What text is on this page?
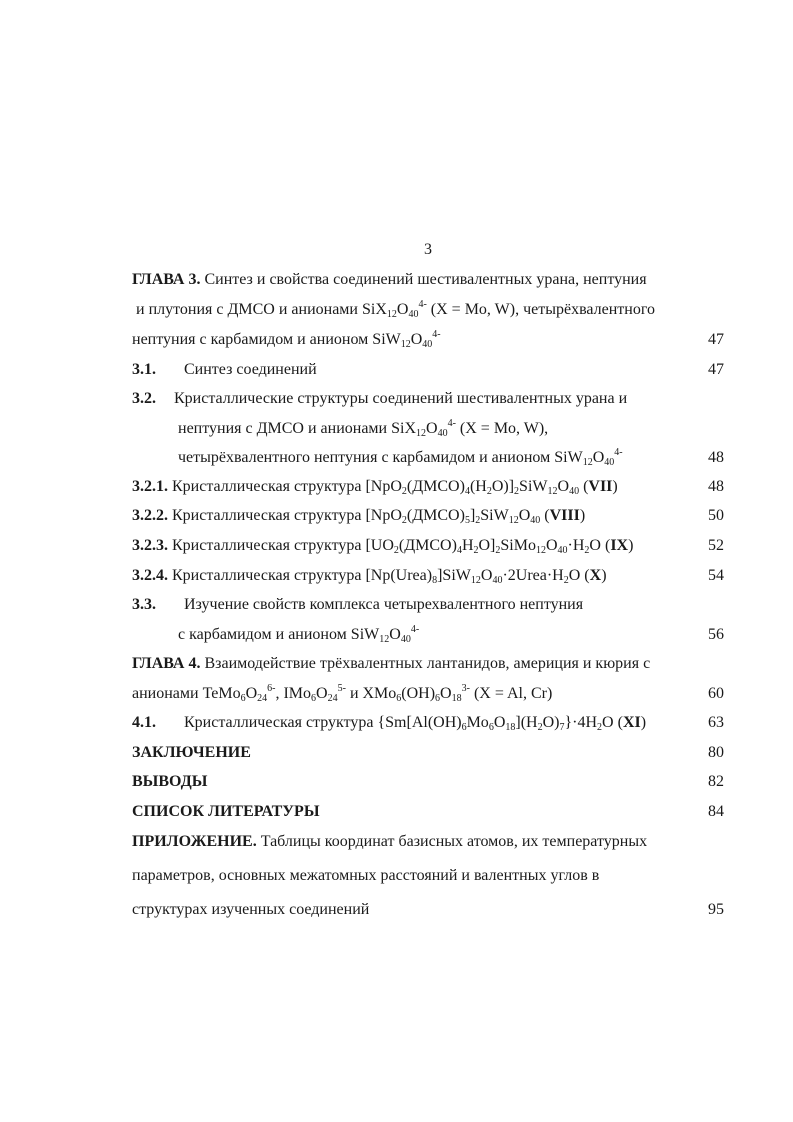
3
ГЛАВА 3. Синтез и свойства соединений шестивалентных урана, нептуния
и плутония с ДМСО и анионами $SiX_{12}O_{40}^{4-}$ (X = Mo, W), четырёхвалентного
нептуния с карбамидом и анионом $SiW_{12}O_{40}^{4-}$	47
3.1. Синтез соединений	47
3.2. Кристаллические структуры соединений шестивалентных урана и
нептуния с ДМСО и анионами $SiX_{12}O_{40}^{4-}$ (X = Mo, W),
четырёхвалентного нептуния с карбамидом и анионом $SiW_{12}O_{40}^{4-}$	48
3.2.1. Кристаллическая структура $[NpO_2(ДМСО)_4(H_2O)]_2SiW_{12}O_{40}$ (VII)	48
3.2.2. Кристаллическая структура $[NpO_2(ДМСО)_5]_2SiW_{12}O_{40}$ (VIII)	50
3.2.3. Кристаллическая структура $[UO_2(ДМСО)_4H_2O]_2SiMo_{12}O_{40}\cdot H_2O$ (IX)	52
3.2.4. Кристаллическая структура $[Np(Urea)_8]SiW_{12}O_{40}\cdot 2Urea\cdot H_2O$ (X)	54
3.3. Изучение свойств комплекса четырехвалентного нептуния
с карбамидом и анионом $SiW_{12}O_{40}^{4-}$	56
ГЛАВА 4. Взаимодействие трёхвалентных лантанидов, америция и кюрия с
анионами $TeMo_6O_{24}^{6-}$, $IMo_6O_{24}^{5-}$ и $XMo_6(OH)_6O_{18}^{3-}$ (X = Al, Cr)	60
4.1. Кристаллическая структура $\{Sm[Al(OH)_6Mo_6O_{18}](H_2O)_7\}\cdot 4H_2O$ (XI)	63
ЗАКЛЮЧЕНИЕ	80
ВЫВОДЫ	82
СПИСОК ЛИТЕРАТУРЫ	84
ПРИЛОЖЕНИЕ. Таблицы координат базисных атомов, их температурных
параметров, основных межатомных расстояний и валентных углов в
структурах изученных соединений	95
